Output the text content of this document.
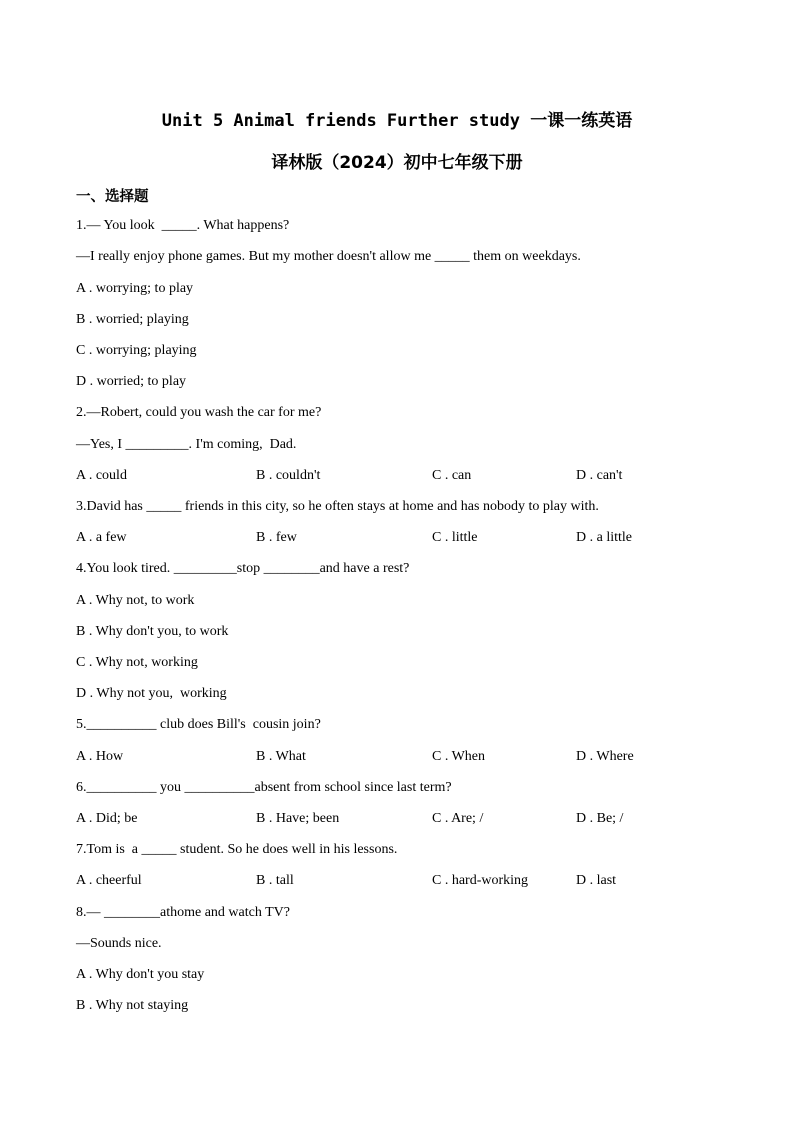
Unit 5 Animal friends Further study 一课一练英语
译林版（2024）初中七年级下册
一、选择题
1.— You look  _____. What happens?
—I really enjoy phone games. But my mother doesn't allow me _____ them on weekdays.
A . worrying; to play
B . worried; playing
C . worrying; playing
D . worried; to play
2.—Robert, could you wash the car for me?
—Yes, I _________. I'm coming,  Dad.

A . could

	B . couldn't

	C . can

	D . can't

3.David has _____ friends in this city, so he often stays at home and has nobody to play with.

A . a few

	B . few

	C . little

	D . a little

4.You look tired. _________stop ________and have a rest?
A . Why not, to work
B . Why don't you, to work
C . Why not, working
D . Why not you,  working
5.__________ club does Bill's  cousin join?

A . How

	B . What

	C . When

	D . Where

6.__________ you __________absent from school since last term?

A . Did; be

	B . Have; been

	C . Are; /

	D . Be; /

7.Tom is  a _____ student. So he does well in his lessons.

A . cheerful

	B . tall

	C . hard-working

	D . last

8.— ________athome and watch TV?
—Sounds nice.
A . Why don't you stay
B . Why not staying
